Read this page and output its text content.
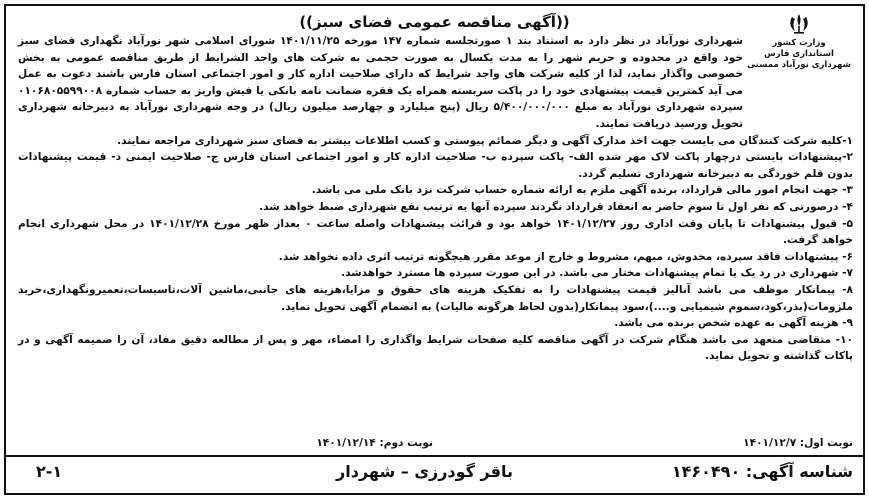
وزارت کشور
استانداری فارس
شهرداری نورآباد ممسنی
((آگهی مناقصه عمومی فضای سبز))

شهرداری نورآباد در نظر دارد به استناد بند ۱ صورتجلسه شماره ۱۴۷ مورخه ۱۴۰۱/۱۱/۲۵ شورای اسلامی شهر نورآباد نگهداری فضای سبز خود واقع در محدوده و حریم شهر را به مدت یکسال به صورت حجمی به شرکت های واجد الشرایط از طریق مناقصه عمومی به بخش خصوصی واگذار نماید، لذا از کلیه شرکت های واجد شرایط که دارای صلاحیت اداره کار و امور اجتماعی استان فارس باشند دعوت به عمل می آید کمترین قیمت پیشنهادی خود را در پاکت سربسته همراه یک فقره ضمانت نامه بانکی یا فیش واریز به حساب شماره ۰۱۰۶۸۰۵۵۹۹۰۰۸ سپرده شهرداری نورآباد به مبلغ ۵/۴۰۰/۰۰۰/۰۰۰ ریال (پنج میلیارد و چهارصد میلیون ریال) در وجه شهرداری نورآباد به دبیرخانه شهرداری تحویل ورسید دریافت نمایند.

۱-کلیه شرکت کنندگان می بایست جهت اخذ مدارک آگهی و دیگر ضمائم پیوستی و کسب اطلاعات بیشتر به فضای سبز شهرداری مراجعه نمایند.

۲-پیشنهادات بایستی درچهار پاکت لاک مهر شده الف- پاکت سپرده ب- صلاحیت اداره کار و امور اجتماعی استان فارس ج- صلاحیت ایمنی د- قیمت پیشنهادات بدون قلم خوردگی به دبیرخانه شهرداری تسلیم گردد.

۳- جهت انجام امور مالی قرارداد، برنده آگهی ملزم به ارائه شماره حساب شرکت نزد بانک ملی می باشد.

۴- درصورتی که نفر اول تا سوم حاضر به انعقاد قرارداد نگردند سپرده آنها به ترتیب نفع شهرداری ضبط خواهد شد.

۵- قبول پیشنهادات تا پایان وقت اداری روز ۱۴۰۱/۱۲/۲۷ خواهد بود و قرائت پیشنهادات واصله ساعت ۰ بعداز ظهر مورخ ۱۴۰۱/۱۲/۲۸ در محل شهرداری انجام خواهد گرفت.

۶- پیشنهادات فاقد سپرده، مخدوش، مبهم، مشروط و خارج از موعد مقرر هیچگونه ترتیب اثری داده نخواهد شد.

۷- شهرداری در رد یک یا تمام پیشنهادات مختار می باشد. در این صورت سپرده ها مسترد خواهدشد.

۸- پیمانکار موظف می باشد آنالیز قیمت پیشنهادات را به تفکیک هزینه های حقوق و مزایا،هزینه های جانبی،ماشین آلات،تاسیسات،تعمیرونگهداری،خرید ملزومات(بذر،کود،سموم شیمیایی و....)،سود پیمانکار(بدون لحاظ هرگونه مالیات) به انضمام آگهی تحویل نماید.

۹- هزینه آگهی به عهده شخص برنده می باشد.

۱۰- متقاضی متعهد می باشد هنگام شرکت در آگهی مناقصه کلیه صفحات شرایط واگذاری را امضاء، مهر و پس از مطالعه دقیق مفاد، آن را ضمیمه آگهی و در پاکات گذاشته و تحویل نماید.

نوبت اول: ۱۴۰۱/۱۲/۷
نوبت دوم: ۱۴۰۱/۱۲/۱۴
شناسه آگهی: ۱۴۶۰۴۹۰
باقر گودرزی – شهردار
۲-۱
